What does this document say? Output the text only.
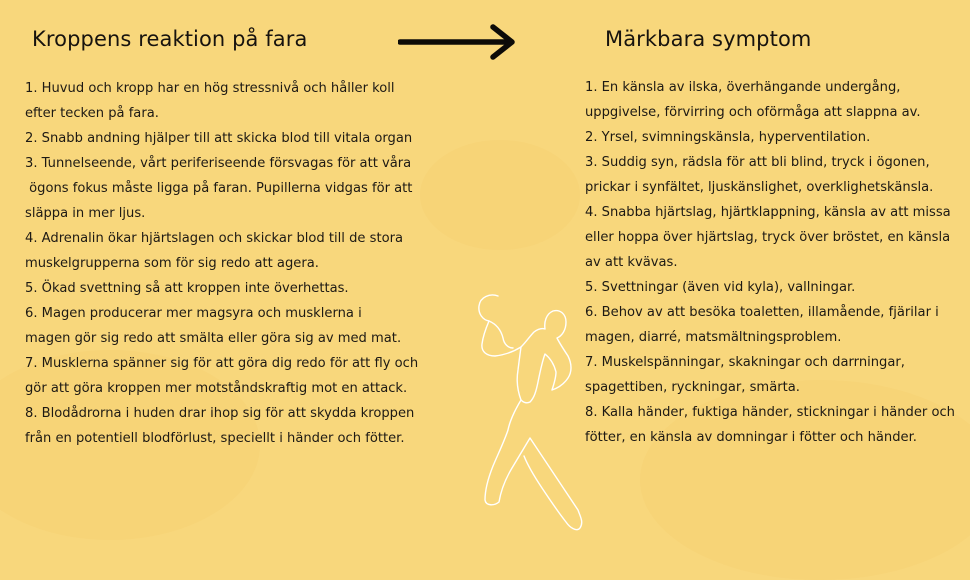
Kroppens reaktion på fara	Märkbara symptom
1. Huvud och kropp har en hög stressnivå och håller koll
efter tecken på fara.
2. Snabb andning hjälper till att skicka blod till vitala organ
3. Tunnelseende, vårt periferiseende försvagas för att våra
ögons fokus måste ligga på faran. Pupillerna vidgas för att
släppa in mer ljus.
4. Adrenalin ökar hjärtslagen och skickar blod till de stora
muskelgrupperna som för sig redo att agera.
5. Ökad svettning så att kroppen inte överhettas.
6. Magen producerar mer magsyra och musklerna i
magen gör sig redo att smälta eller göra sig av med mat.
7. Musklerna spänner sig för att göra dig redo för att fly och
gör att göra kroppen mer motståndskraftig mot en attack.
8. Blodådrorna i huden drar ihop sig för att skydda kroppen
från en potentiell blodförlust, speciellt i händer och fötter.
1. En känsla av ilska, överhängande undergång,
uppgivelse, förvirring och oförmåga att slappna av.
2. Yrsel, svimningskänsla, hyperventilation.
3. Suddig syn, rädsla för att bli blind, tryck i ögonen,
prickar i synfältet, ljuskänslighet, overklighetskänsla.
4. Snabba hjärtslag, hjärtklappning, känsla av att missa
eller hoppa över hjärtslag, tryck över bröstet, en känsla
av att kvävas.
5. Svettningar (även vid kyla), vallningar.
6. Behov av att besöka toaletten, illamående, fjärilar i
magen, diarré, matsmältningsproblem.
7. Muskelspänningar, skakningar och darrningar,
spagettiben, ryckningar, smärta.
8. Kalla händer, fuktiga händer, stickningar i händer och
fötter, en känsla av domningar i fötter och händer.
